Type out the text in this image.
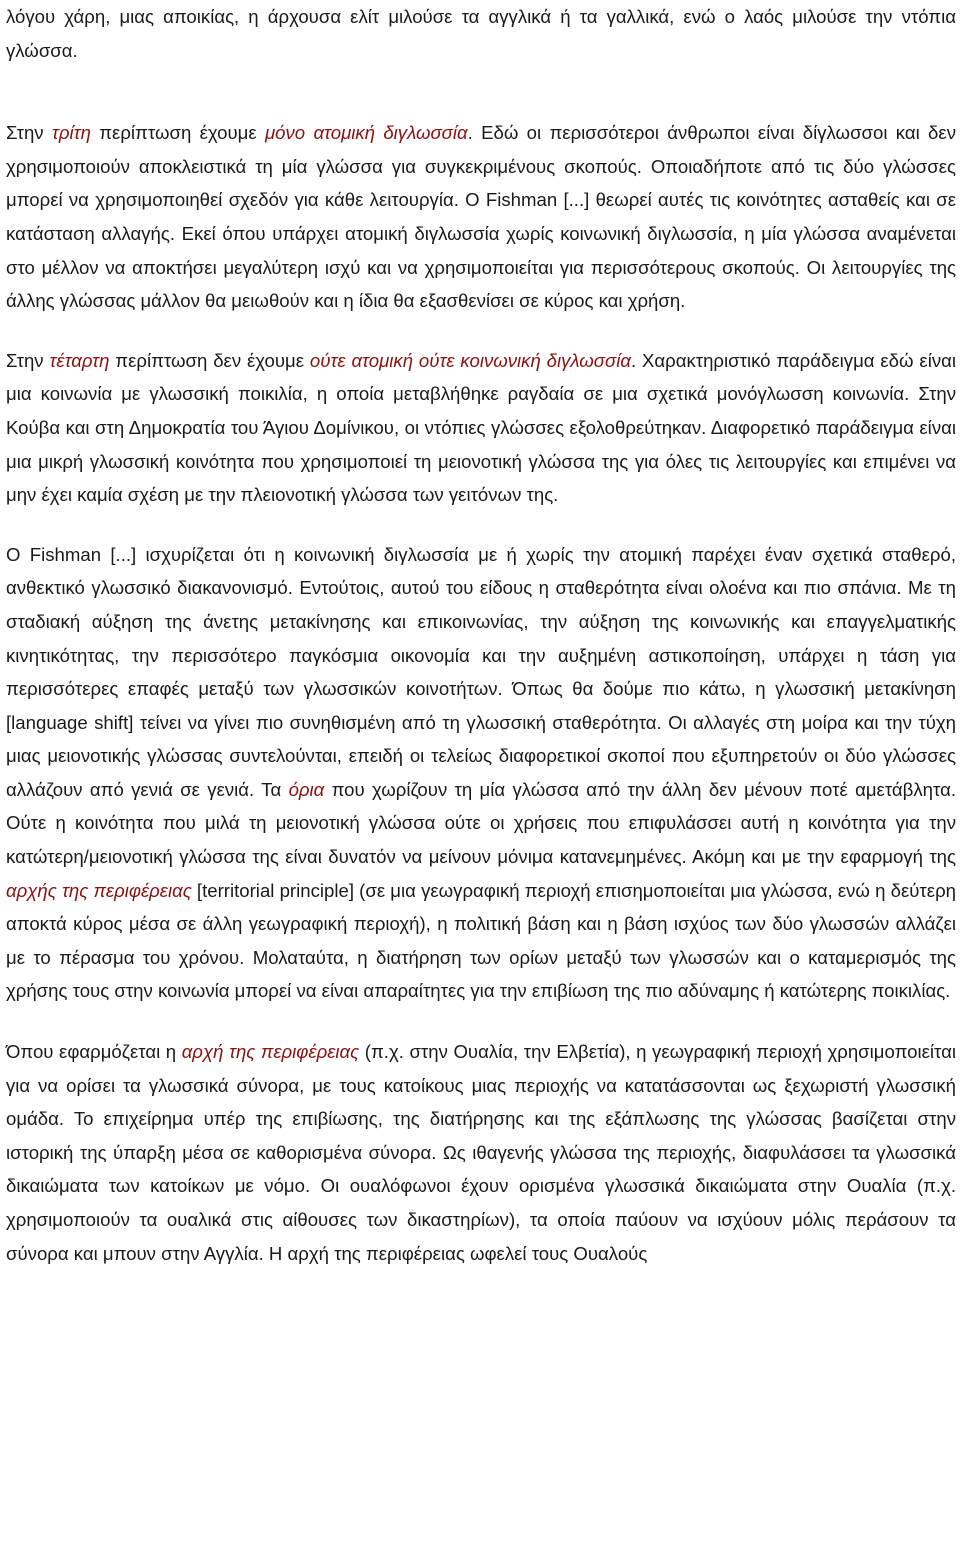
λόγου χάρη, μιας αποικίας, η άρχουσα ελίτ μιλούσε τα αγγλικά ή τα γαλλικά, ενώ ο λαός μιλούσε την ντόπια γλώσσα.

Στην τρίτη περίπτωση έχουμε μόνο ατομική διγλωσσία. Εδώ οι περισσότεροι άνθρωποι είναι δίγλωσσοι και δεν χρησιμοποιούν αποκλειστικά τη μία γλώσσα για συγκεκριμένους σκοπούς. Οποιαδήποτε από τις δύο γλώσσες μπορεί να χρησιμοποιηθεί σχεδόν για κάθε λειτουργία. Ο Fishman [...] θεωρεί αυτές τις κοινότητες ασταθείς και σε κατάσταση αλλαγής. Εκεί όπου υπάρχει ατομική διγλωσσία χωρίς κοινωνική διγλωσσία, η μία γλώσσα αναμένεται στο μέλλον να αποκτήσει μεγαλύτερη ισχύ και να χρησιμοποιείται για περισσότερους σκοπούς. Οι λειτουργίες της άλλης γλώσσας μάλλον θα μειωθούν και η ίδια θα εξασθενίσει σε κύρος και χρήση.

Στην τέταρτη περίπτωση δεν έχουμε ούτε ατομική ούτε κοινωνική διγλωσσία. Χαρακτηριστικό παράδειγμα εδώ είναι μια κοινωνία με γλωσσική ποικιλία, η οποία μεταβλήθηκε ραγδαία σε μια σχετικά μονόγλωσση κοινωνία. Στην Κούβα και στη Δημοκρατία του Άγιου Δομίνικου, οι ντόπιες γλώσσες εξολοθρεύτηκαν. Διαφορετικό παράδειγμα είναι μια μικρή γλωσσική κοινότητα που χρησιμοποιεί τη μειονοτική γλώσσα της για όλες τις λειτουργίες και επιμένει να μην έχει καμία σχέση με την πλειονοτική γλώσσα των γειτόνων της.

Ο Fishman [...] ισχυρίζεται ότι η κοινωνική διγλωσσία με ή χωρίς την ατομική παρέχει έναν σχετικά σταθερό, ανθεκτικό γλωσσικό διακανονισμό. Εντούτοις, αυτού του είδους η σταθερότητα είναι ολοένα και πιο σπάνια. Με τη σταδιακή αύξηση της άνετης μετακίνησης και επικοινωνίας, την αύξηση της κοινωνικής και επαγγελματικής κινητικότητας, την περισσότερο παγκόσμια οικονομία και την αυξημένη αστικοποίηση, υπάρχει η τάση για περισσότερες επαφές μεταξύ των γλωσσικών κοινοτήτων. Όπως θα δούμε πιο κάτω, η γλωσσική μετακίνηση [language shift] τείνει να γίνει πιο συνηθισμένη από τη γλωσσική σταθερότητα. Οι αλλαγές στη μοίρα και την τύχη μιας μειονοτικής γλώσσας συντελούνται, επειδή οι τελείως διαφορετικοί σκοποί που εξυπηρετούν οι δύο γλώσσες αλλάζουν από γενιά σε γενιά. Τα όρια που χωρίζουν τη μία γλώσσα από την άλλη δεν μένουν ποτέ αμετάβλητα. Ούτε η κοινότητα που μιλά τη μειονοτική γλώσσα ούτε οι χρήσεις που επιφυλάσσει αυτή η κοινότητα για την κατώτερη/μειονοτική γλώσσα της είναι δυνατόν να μείνουν μόνιμα κατανεμημένες. Ακόμη και με την εφαρμογή της αρχής της περιφέρειας [territorial principle] (σε μια γεωγραφική περιοχή επισημοποιείται μια γλώσσα, ενώ η δεύτερη αποκτά κύρος μέσα σε άλλη γεωγραφική περιοχή), η πολιτική βάση και η βάση ισχύος των δύο γλωσσών αλλάζει με το πέρασμα του χρόνου. Μολαταύτα, η διατήρηση των ορίων μεταξύ των γλωσσών και ο καταμερισμός της χρήσης τους στην κοινωνία μπορεί να είναι απαραίτητες για την επιβίωση της πιο αδύναμης ή κατώτερης ποικιλίας.

Όπου εφαρμόζεται η αρχή της περιφέρειας (π.χ. στην Ουαλία, την Ελβετία), η γεωγραφική περιοχή χρησιμοποιείται για να ορίσει τα γλωσσικά σύνορα, με τους κατοίκους μιας περιοχής να κατατάσσονται ως ξεχωριστή γλωσσική ομάδα. Το επιχείρημα υπέρ της επιβίωσης, της διατήρησης και της εξάπλωσης της γλώσσας βασίζεται στην ιστορική της ύπαρξη μέσα σε καθορισμένα σύνορα. Ως ιθαγενής γλώσσα της περιοχής, διαφυλάσσει τα γλωσσικά δικαιώματα των κατοίκων με νόμο. Οι ουαλόφωνοι έχουν ορισμένα γλωσσικά δικαιώματα στην Ουαλία (π.χ. χρησιμοποιούν τα ουαλικά στις αίθουσες των δικαστηρίων), τα οποία παύουν να ισχύουν μόλις περάσουν τα σύνορα και μπουν στην Αγγλία. Η αρχή της περιφέρειας ωφελεί τους Ουαλούς
